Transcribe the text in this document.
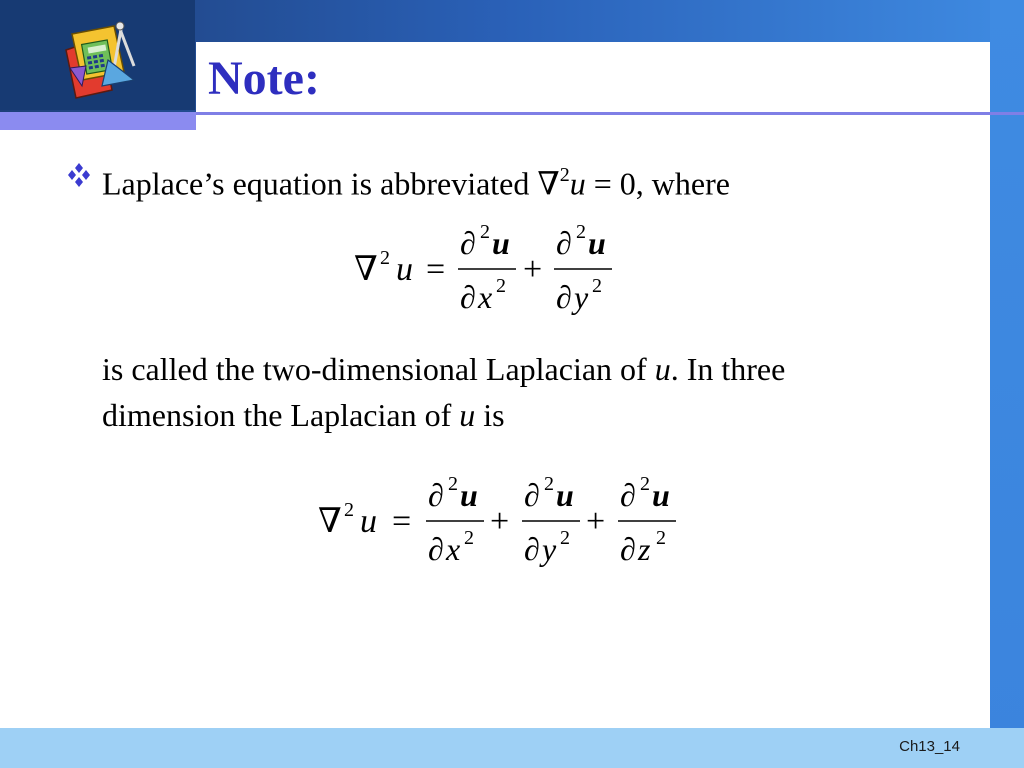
Note:
Laplace’s equation is abbreviated ∇$^2$u = 0, where
∇ 2 u =
∂ 2 u
∂ x 2 +
∂ 2 u
∂ y 2
is called the two-dimensional Laplacian of u. In three
dimension the Laplacian of u is
∇ 2 u =
∂ 2 u
∂ x 2 +
∂ 2 u
∂ y 2 +
∂ 2 u
∂ z 2
Ch13_14
